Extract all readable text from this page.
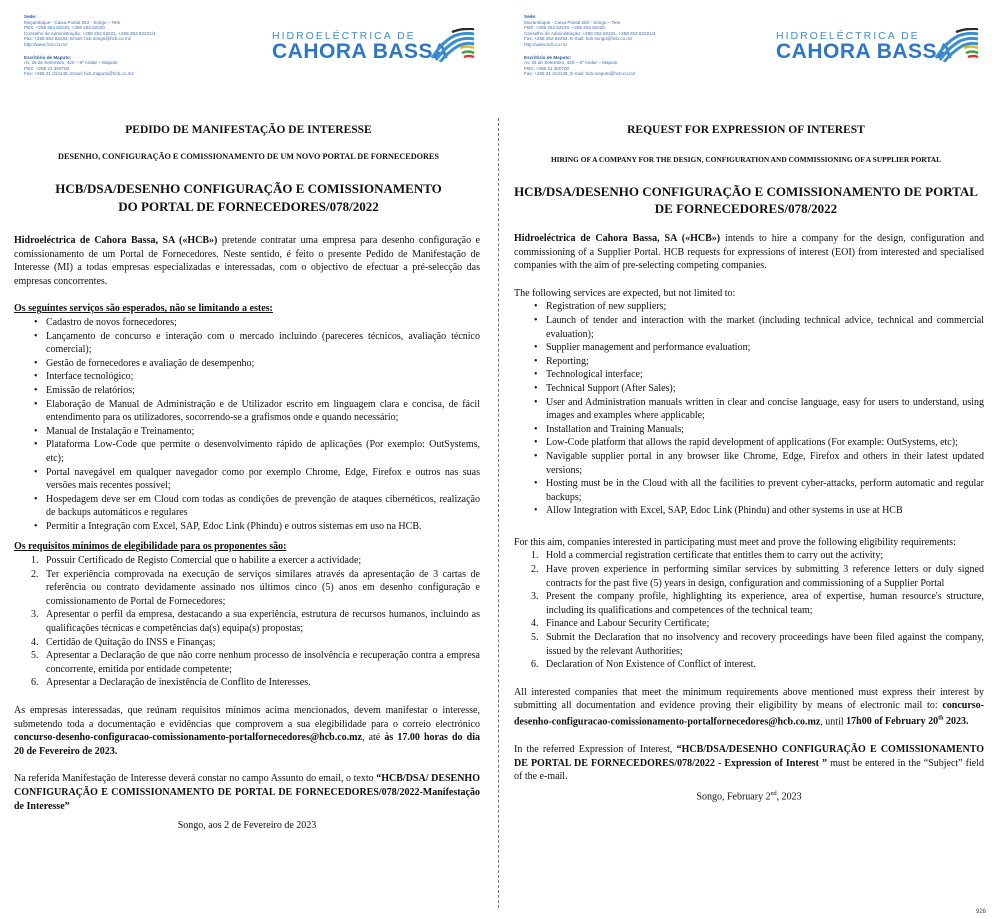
Sede:
Moçambique · Caixa Postal 263 · Songo – Tete
PBX: +258 252 82220, +258 252 82220
Conselho de Administração: +258 252 82221, +258 252 82221/4
Fax: +258 252 82264, Email: hcb.songo@hcb.co.mz
http://www.hcb.co.mz
Escritório de Maputo:
Av. 25 de Setembro, 420 – 8º Andar – Maputo
PBX: +258 21 350700
Fax: +258 21 314148, Email: hcb.maputo@hcb.co.mz
HIDROELÉCTRICA DE
CAHORA BASSA
PEDIDO DE MANIFESTAÇÃO DE INTERESSE
DESENHO, CONFIGURAÇÃO E COMISSIONAMENTO DE UM NOVO PORTAL DE FORNECEDORES
HCB/DSA/DESENHO CONFIGURAÇÃO E COMISSIONAMENTO
DO PORTAL DE FORNECEDORES/078/2022

Hidroeléctrica de Cahora Bassa, SA («HCB») pretende contratar uma empresa para desenho configuração e comissionamento de um Portal de Fornecedores. Neste sentido, é feito o presente Pedido de Manifestação de Interesse (MI) a todas empresas especializadas e interessadas, com o objectivo de efectuar a pré-selecção das empresas concorrentes.

Os seguintes serviços são esperados, não se limitando a estes:

• Cadastro de novos fornecedores;
• Lançamento de concurso e interação com o mercado incluindo (pareceres técnicos, avaliação técnico comercial);
• Gestão de fornecedores e avaliação de desempenho;
• Interface tecnológico;
• Emissão de relatórios;
• Elaboração de Manual de Administração e de Utilizador escrito em linguagem clara e concisa, de fácil entendimento para os utilizadores, socorrendo-se a grafismos onde e quando necessário;
• Manual de Instalação e Treinamento;
• Plataforma Low-Code que permite o desenvolvimento rápido de aplicações (Por exemplo: OutSystems, etc);
• Portal navegável em qualquer navegador como por exemplo Chrome, Edge, Firefox e outros nas suas versões mais recentes possível;
• Hospedagem deve ser em Cloud com todas as condições de prevenção de ataques cibernéticos, realização de backups automáticos e regulares
• Permitir a Integração com Excel, SAP, Edoc Link (Phindu) e outros sistemas em uso na HCB.

Os requisitos mínimos de elegibilidade para os proponentes são:

1. Possuir Certificado de Registo Comercial que o habilite a exercer a actividade;
2. Ter experiência comprovada na execução de serviços similares através da apresentação de 3 cartas de referência ou contrato devidamente assinado nos últimos cinco (5) anos em desenho configuração e comissionamento de Portal de Fornecedores;
3. Apresentar o perfil da empresa, destacando a sua experiência, estrutura de recursos humanos, incluindo as qualificações técnicas e competências da(s) equipa(s) propostas;
4. Certidão de Quitação do INSS e Finanças;
5. Apresentar a Declaração de que não corre nenhum processo de insolvência e recuperação contra a empresa concorrente, emitida por entidade competente;
6. Apresentar a Declaração de inexistência de Conflito de Interesses.

As empresas interessadas, que reúnam requisitos mínimos acima mencionados, devem manifestar o interesse, submetendo toda a documentação e evidências que comprovem a sua elegibilidade para o correio electrónico concurso-desenho-configuracao-comissionamento-portalfornecedores@hcb.co.mz, até às 17.00 horas do dia 20 de Fevereiro de 2023.

Na referida Manifestação de Interesse deverá constar no campo Assunto do email, o texto “HCB/DSA/ DESENHO CONFIGURAÇÃO E COMISSIONAMENTO DE PORTAL DE FORNECEDORES/078/2022-Manifestação de Interesse”

Songo, aos 2 de Fevereiro de 2023

Sede:
Mozambique · Caixa Postal 263 · Songo – Tete
PBX: +258 252 82220, +258 252 82220
Conselho de Administração: +258 252 82221, +258 252 82221/4
Fax: +258 252 82264, E-mail: hcb.songo@hcb.co.mz
http://www.hcb.co.mz
Escritório de Maputo:
Av. 25 de Setembro, 420 – 8º Andar – Maputo
PBX: +258 21 350700
Fax: +258 21 314148, E-mail: hcb.maputo@hcb.co.mz
HIDROELÉCTRICA DE
CAHORA BASSA
REQUEST FOR EXPRESSION OF INTEREST
HIRING OF A COMPANY FOR THE DESIGN, CONFIGURATION AND COMMISSIONING OF A SUPPLIER PORTAL
HCB/DSA/DESENHO CONFIGURAÇÃO E COMISSIONAMENTO DE PORTAL
DE FORNECEDORES/078/2022

Hidroeléctrica de Cahora Bassa, SA («HCB») intends to hire a company for the design, configuration and commissioning of a Supplier Portal. HCB requests for expressions of interest (EOI) from interested and specialised companies with the aim of pre-selecting competing companies.

The following services are expected, but not limited to:

• Registration of new suppliers;
• Launch of tender and interaction with the market (including technical advice, technical and commercial evaluation);
• Supplier management and performance evaluation;
• Reporting;
• Technological interface;
• Technical Support (After Sales);
• User and Administration manuals written in clear and concise language, easy for users to understand, using images and examples where applicable;
• Installation and Training Manuals;
• Low-Code platform that allows the rapid development of applications (For example: OutSystems, etc);
• Navigable supplier portal in any browser like Chrome, Edge, Firefox and others in their latest updated versions;
• Hosting must be in the Cloud with all the facilities to prevent cyber-attacks, perform automatic and regular backups;
• Allow Integration with Excel, SAP, Edoc Link (Phindu) and other systems in use at HCB

For this aim, companies interested in participating must meet and prove the following eligibility requirements:

1. Hold a commercial registration certificate that entitles them to carry out the activity;
2. Have proven experience in performing similar services by submitting 3 reference letters or duly signed contracts for the past five (5) years in design, configuration and commissioning of a Supplier Portal
3. Present the company profile, highlighting its experience, area of expertise, human resource's structure, including its qualifications and competences of the technical team;
4. Finance and Labour Security Certificate;
5. Submit the Declaration that no insolvency and recovery proceedings have been filed against the company, issued by the relevant Authorities;
6. Declaration of Non Existence of Conflict of interest.

All interested companies that meet the minimum requirements above mentioned must express their interest by submitting all documentation and evidence proving their eligibility by means of electronic mail to: concurso-desenho-configuracao-comissionamento-portalfornecedores@hcb.co.mz, until 17h00 of February 20th 2023.

In the referred Expression of Interest, “HCB/DSA/DESENHO CONFIGURAÇÃO E COMISSIONAMENTO DE PORTAL DE FORNECEDORES/078/2022 - Expression of Interest ” must be entered in the “Subject” field of the e-mail.

Songo, February 2nd, 2023

926
